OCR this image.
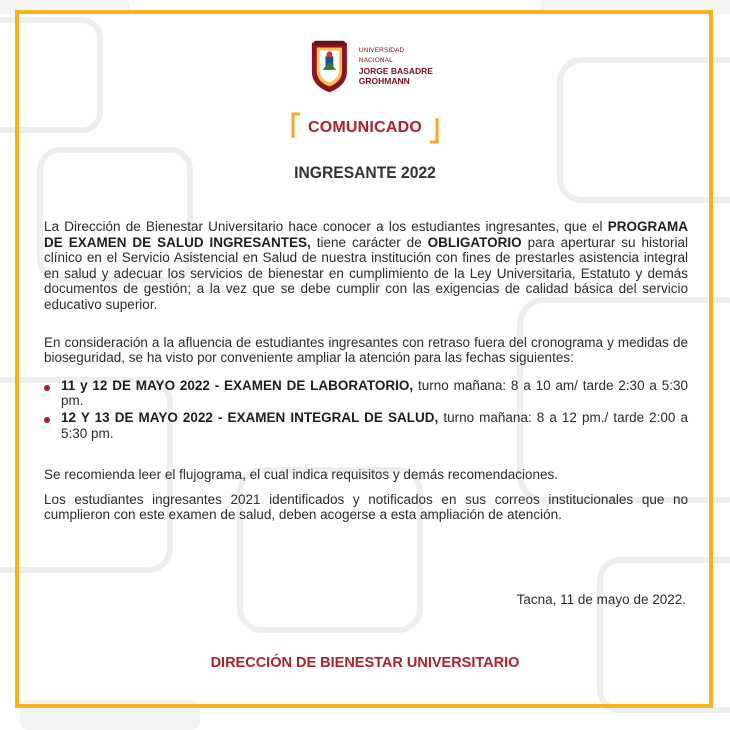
UNIVERSIDAD NACIONAL
JORGE BASADRE
GROHMANN
COMUNICADO
INGRESANTE 2022

La Dirección de Bienestar Universitario hace conocer a los estudiantes ingresantes, que el PROGRAMA DE EXAMEN DE SALUD INGRESANTES, tiene carácter de OBLIGATORIO para aperturar su historial clínico en el Servicio Asistencial en Salud de nuestra institución con fines de prestarles asistencia integral en salud y adecuar los servicios de bienestar en cumplimiento de la Ley Universitaria, Estatuto y demás documentos de gestión; a la vez que se debe cumplir con las exigencias de calidad básica del servicio educativo superior.

En consideración a la afluencia de estudiantes ingresantes con retraso fuera del cronograma y medidas de bioseguridad, se ha visto por conveniente ampliar la atención para las fechas siguientes:

11 y 12 DE MAYO 2022 - EXAMEN DE LABORATORIO, turno mañana: 8 a 10 am/ tarde 2:30 a 5:30 pm.
12 Y 13 DE MAYO 2022 - EXAMEN INTEGRAL DE SALUD, turno mañana: 8 a 12 pm./ tarde 2:00 a 5:30 pm.

Se recomienda leer el flujograma, el cual indica requisitos y demás recomendaciones.

Los estudiantes ingresantes 2021 identificados y notificados en sus correos institucionales que no cumplieron con este examen de salud, deben acogerse a esta ampliación de atención.

Tacna, 11 de mayo de 2022.
DIRECCIÓN DE BIENESTAR UNIVERSITARIO
